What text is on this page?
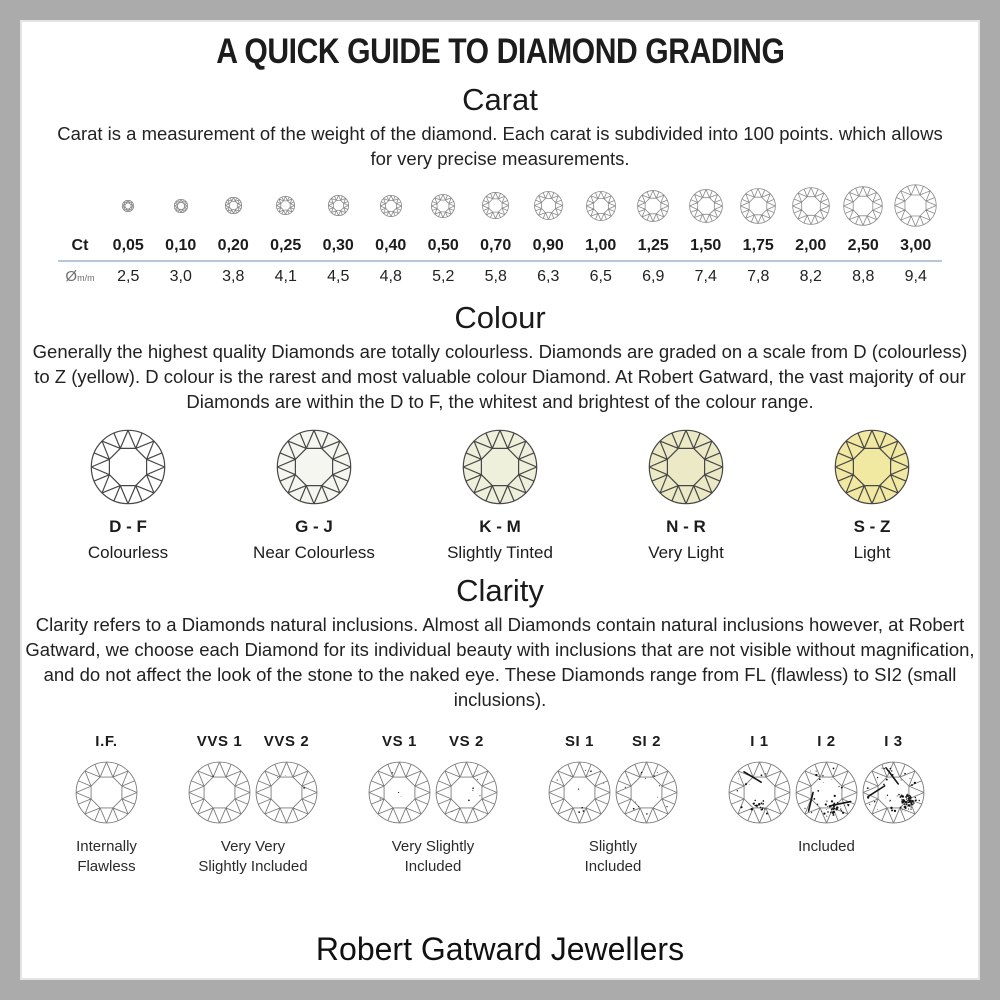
A QUICK GUIDE TO DIAMOND GRADING
Carat

Carat is a measurement of the weight of the diamond. Each carat is subdivided into 100 points. which allows for very precise measurements.

Ct	0,05	0,10	0,20	0,25	0,30	0,40	0,50	0,70	0,90	1,00	1,25	1,50	1,75	2,00	2,50	3,00
Øm/m	2,5	3,0	3,8	4,1	4,5	4,8	5,2	5,8	6,3	6,5	6,9	7,4	7,8	8,2	8,8	9,4
Colour

Generally the highest quality Diamonds are totally colourless. Diamonds are graded on a scale from D (colourless) to Z (yellow). D colour is the rarest and most valuable colour Diamond. At Robert Gatward, the vast majority of our Diamonds are within the D to F, the whitest and brightest of the colour range.

D - F
Colourless
G - J
Near Colourless
K - M
Slightly Tinted
N - R
Very Light
S - Z
Light
Clarity

Clarity refers to a Diamonds natural inclusions. Almost all Diamonds contain natural inclusions however, at Robert Gatward, we choose each Diamond for its individual beauty with inclusions that are not visible without magnification, and do not affect the look of the stone to the naked eye. These Diamonds range from FL (flawless) to SI2 (small inclusions).

I.F.
Internally
Flawless
VVS 1 VVS 2
Very Very
Slightly Included
VS 1 VS 2
Very Slightly
Included
SI 1	SI 2
Slightly
Included
I 1	I 2	I 3
Included
Robert Gatward Jewellers
